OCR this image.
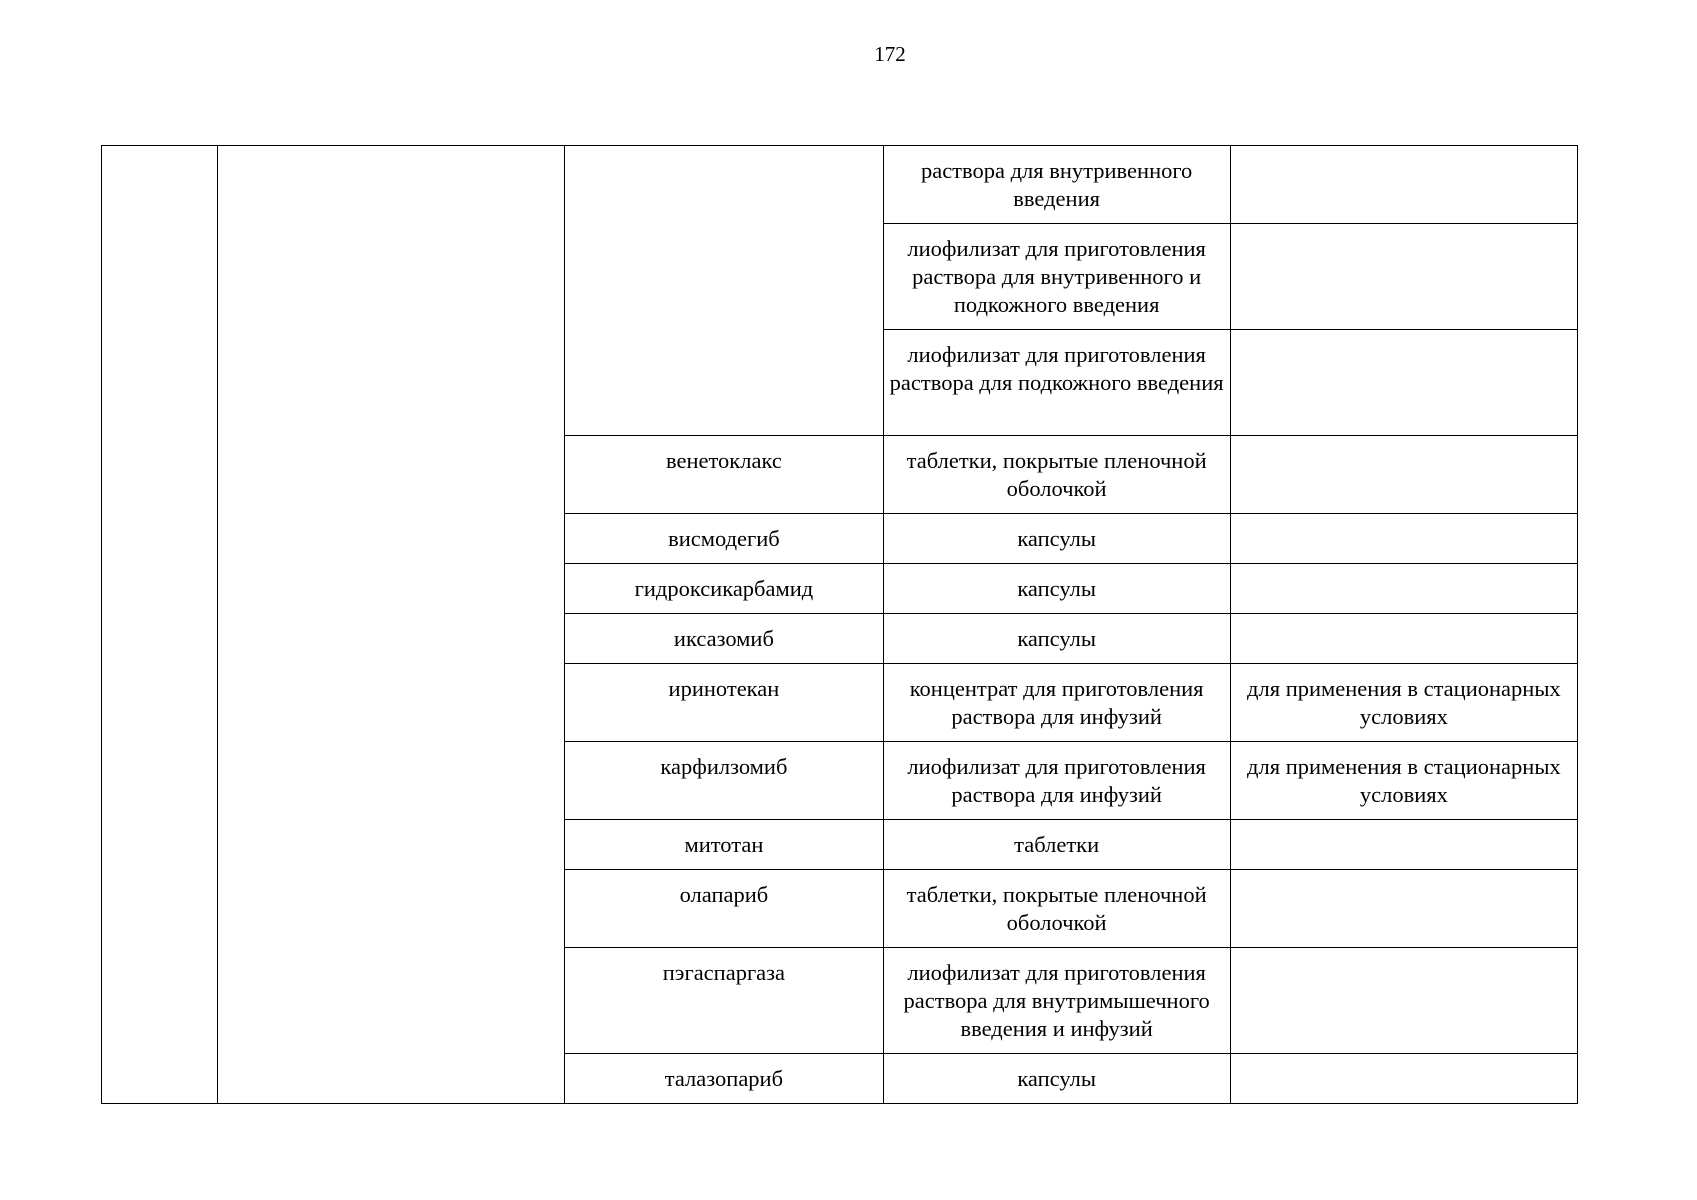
172
			раствора для внутривенного введения	
			лиофилизат для приготовления раствора для внутривенного и подкожного введения	
			лиофилизат для приготовления раствора для подкожного введения	
		венетоклакс	таблетки, покрытые пленочной оболочкой	
		висмодегиб	капсулы	
		гидроксикарбамид	капсулы	
		иксазомиб	капсулы	
		иринотекан	концентрат для приготовления раствора для инфузий	для применения в стационарных условиях
		карфилзомиб	лиофилизат для приготовления раствора для инфузий	для применения в стационарных условиях
		митотан	таблетки	
		олапариб	таблетки, покрытые пленочной оболочкой	
		пэгаспаргаза	лиофилизат для приготовления раствора для внутримышечного введения и инфузий	
		талазопариб	капсулы	
